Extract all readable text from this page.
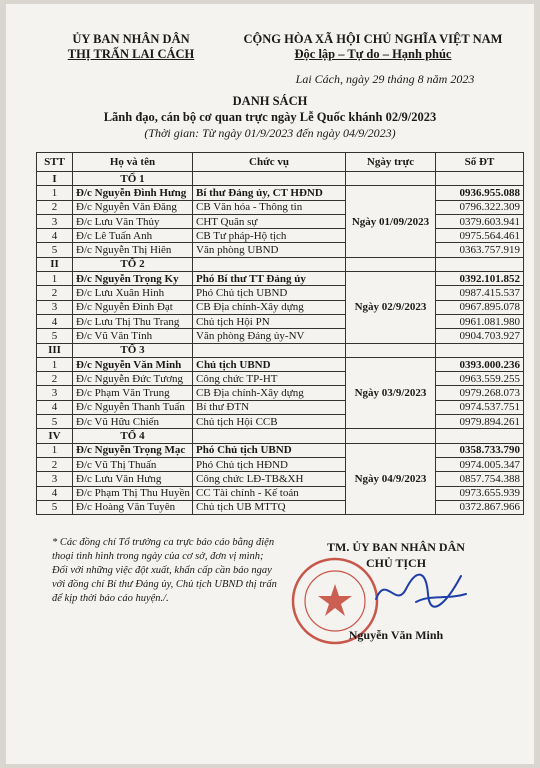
ỦY BAN NHÂN DÂN
THỊ TRẤN LAI CÁCH
CỘNG HÒA XÃ HỘI CHỦ NGHĨA VIỆT NAM
Độc lập – Tự do – Hạnh phúc
Lai Cách, ngày 29 tháng 8 năm 2023
DANH SÁCH
Lãnh đạo, cán bộ cơ quan trực ngày Lễ Quốc khánh 02/9/2023
(Thời gian: Từ ngày 01/9/2023 đến ngày 04/9/2023)
STT	Họ và tên	Chức vụ	Ngày trực	Số ĐT
I	TỔ 1			
1	Đ/c Nguyễn Đình Hưng	Bí thư Đảng ủy, CT HĐND	Ngày 01/09/2023	0936.955.088
2	Đ/c Nguyễn Văn Đăng	CB Văn hóa - Thông tin		0796.322.309
3	Đ/c Lưu Văn Thủy	CHT Quân sự		0379.603.941
4	Đ/c Lê Tuấn Anh	CB Tư pháp-Hộ tịch		0975.564.461
5	Đ/c Nguyễn Thị Hiên	Văn phòng UBND		0363.757.919
II	TỔ 2			
1	Đ/c Nguyễn Trọng Ky	Phó Bí thư TT Đảng ủy	Ngày 02/9/2023	0392.101.852
2	Đ/c Lưu Xuân Hinh	Phó Chủ tịch UBND		0987.415.537
3	Đ/c Nguyễn Đình Đạt	CB Địa chính-Xây dựng		0967.895.078
4	Đ/c Lưu Thị Thu Trang	Chủ tịch Hội PN		0961.081.980
5	Đ/c Vũ Văn Tỉnh	Văn phòng Đảng ủy-NV		0904.703.927
III	TỔ 3			
1	Đ/c Nguyễn Văn Minh	Chủ tịch UBND	Ngày 03/9/2023	0393.000.236
2	Đ/c Nguyễn Đức Tương	Công chức TP-HT		0963.559.255
3	Đ/c Phạm Văn Trung	CB Địa chính-Xây dựng		0979.268.073
4	Đ/c Nguyễn Thanh Tuấn	Bí thư ĐTN		0974.537.751
5	Đ/c Vũ Hữu Chiến	Chủ tịch Hội CCB		0979.894.261
IV	TỔ 4			
1	Đ/c Nguyễn Trọng Mạc	Phó Chủ tịch UBND	Ngày 04/9/2023	0358.733.790
2	Đ/c Vũ Thị Thuấn	Phó Chủ tịch HĐND		0974.005.347
3	Đ/c Lưu Văn Hưng	Công chức LĐ-TB&XH		0857.754.388
4	Đ/c Phạm Thị Thu Huyền	CC Tài chính - Kế toán		0973.655.939
5	Đ/c Hoàng Văn Tuyên	Chủ tịch UB MTTQ		0372.867.966
* Các đồng chí Tổ trưởng ca trực báo cáo bằng điện thoại tình hình trong ngày của cơ sở, đơn vị mình; Đối với những việc đột xuất, khẩn cấp cần báo ngay với đồng chí Bí thư Đảng ủy, Chủ tịch UBND thị trấn để kịp thời báo cáo huyện./.
TM. ỦY BAN NHÂN DÂN
CHỦ TỊCH
Nguyễn Văn Minh
